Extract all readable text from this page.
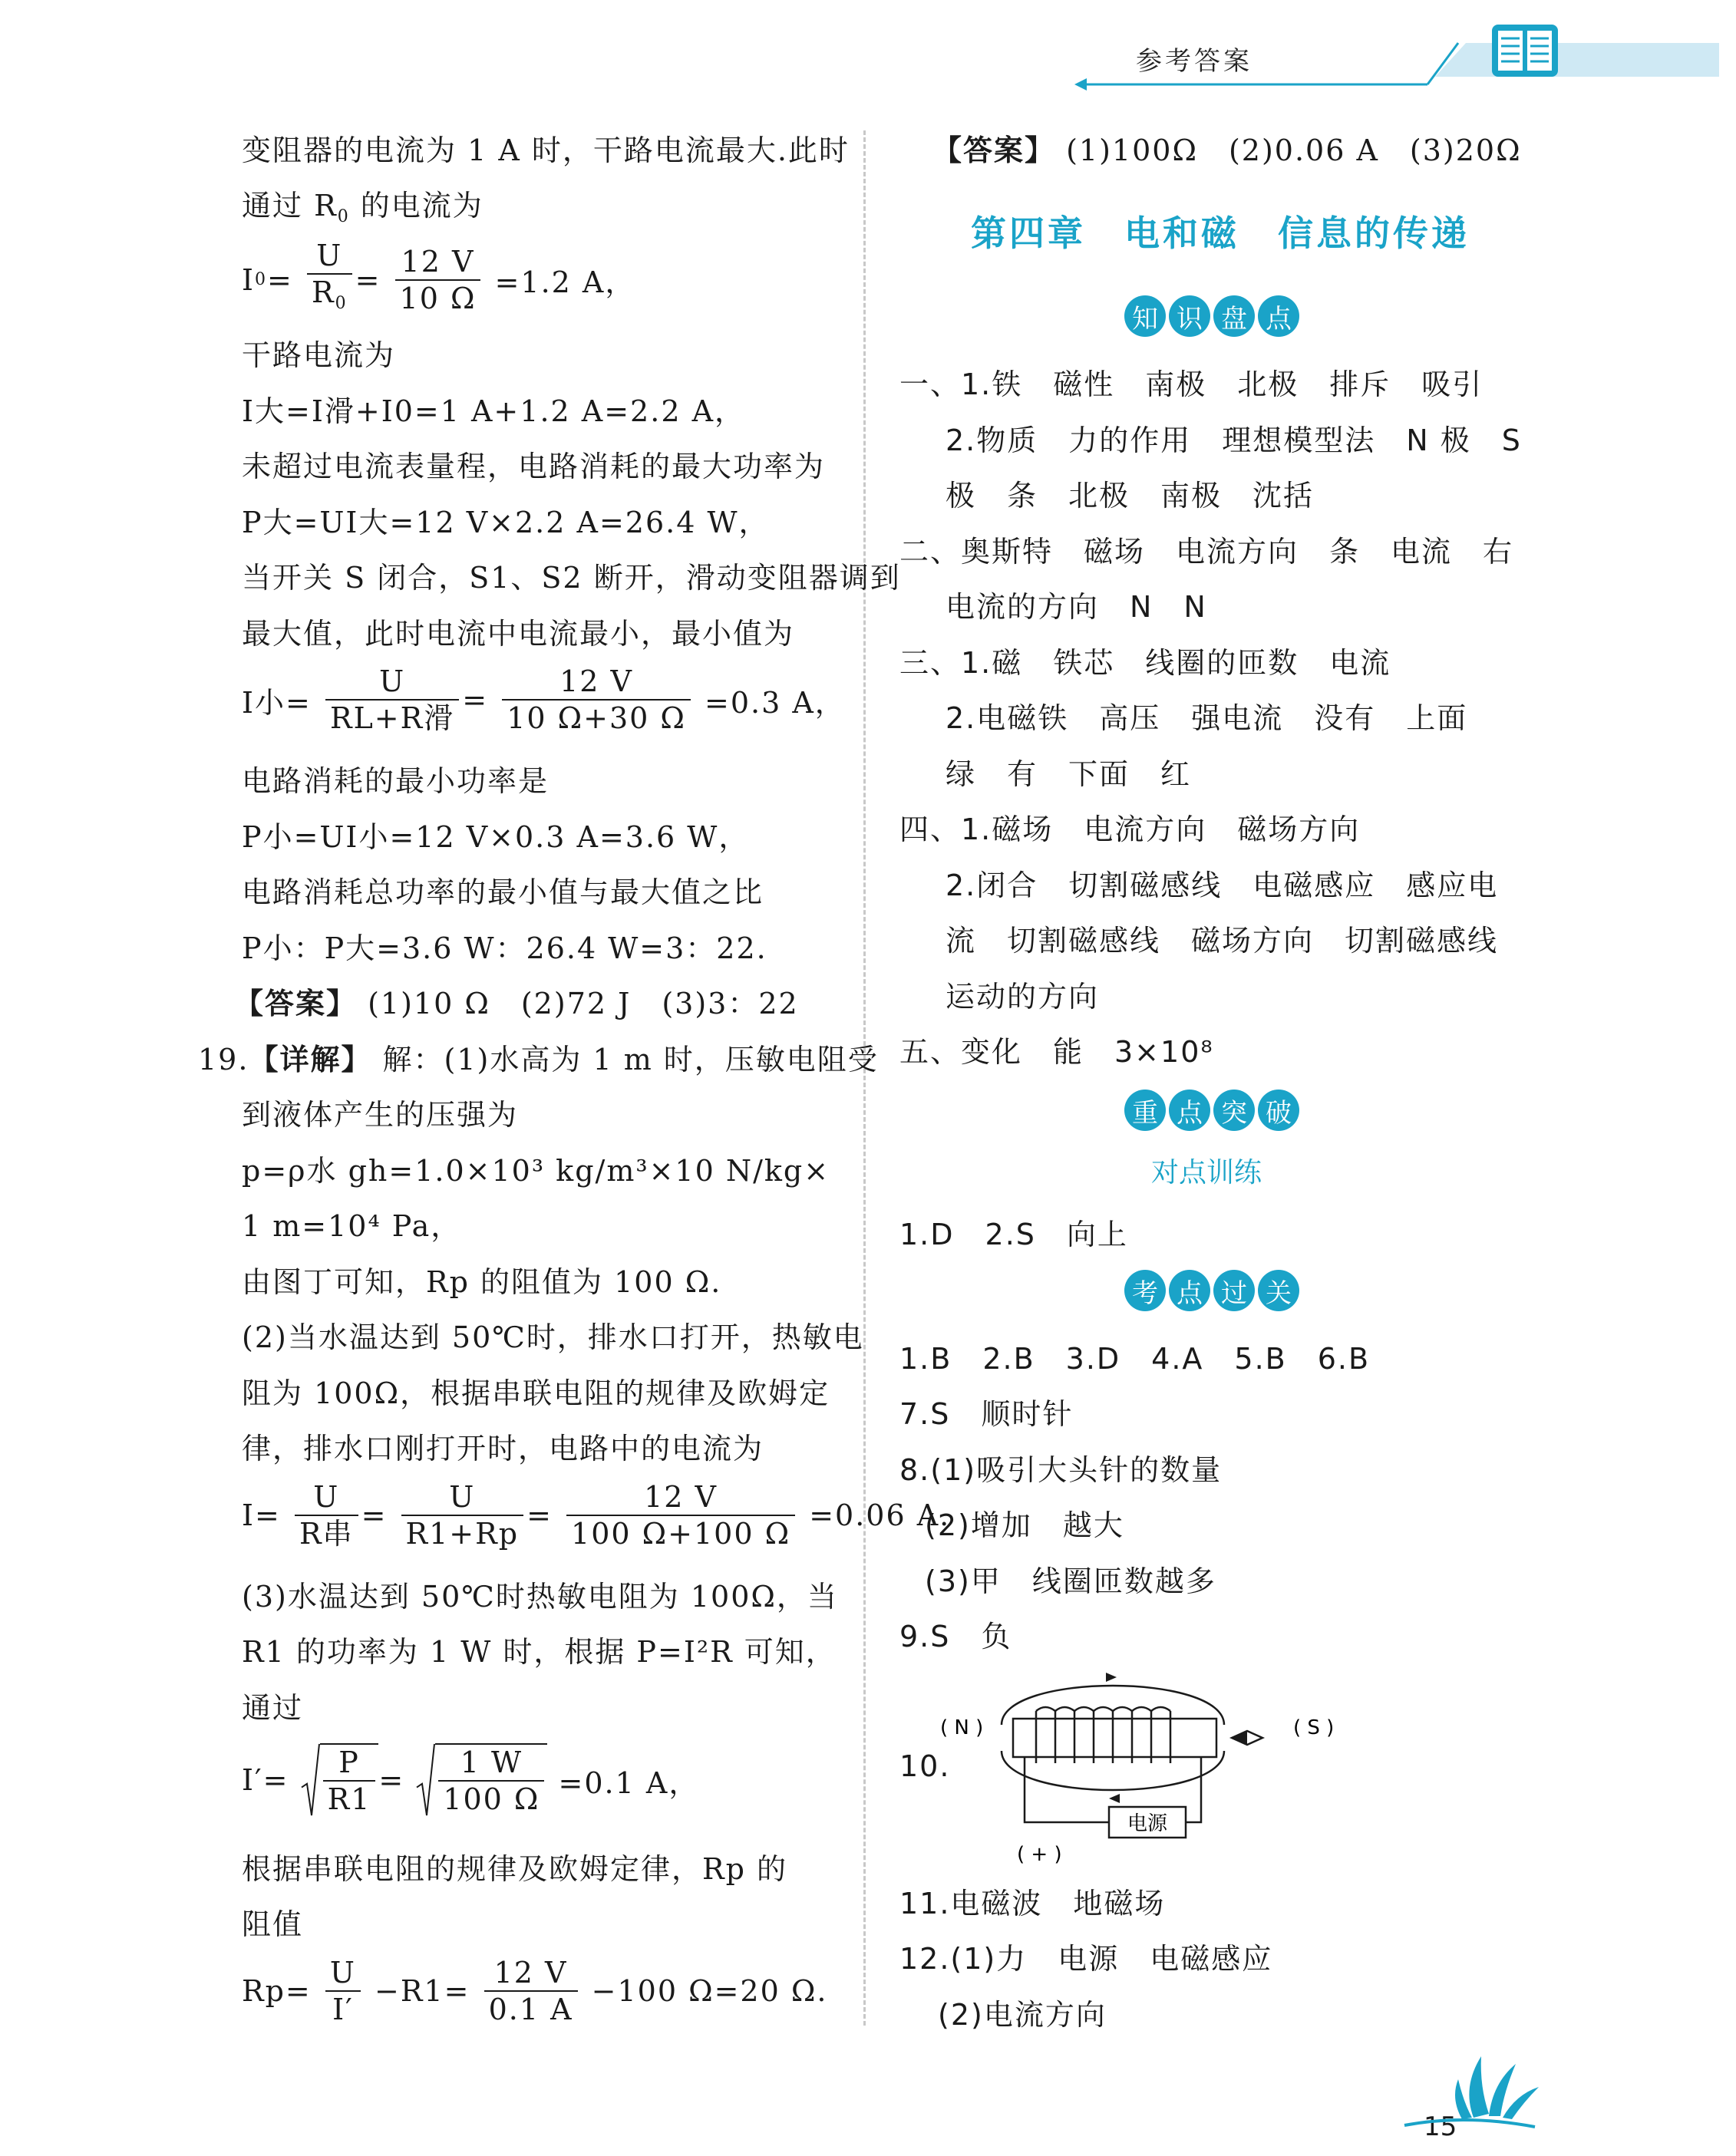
参考答案
变阻器的电流为 1 A 时，干路电流最大.此时
通过 $R_0$ 的电流为
$I0= \frac{U}{R_0} = \frac{12 V}{10 \Omega} =1.2$ A，
干路电流为
I大=I滑+I0=1 A+1.2 A=2.2 A，
未超过电流表量程，电路消耗的最大功率为
P大=UI大=12 V×2.2 A=26.4 W，
当开关 S 闭合，S1、S2 断开，滑动变阻器调到
最大值，此时电流中电流最小，最小值为
I小= $\frac{U}{\text{RL+R滑}} = \frac{12 V}{10 \Omega+30 \Omega} =0.3$ A，
电路消耗的最小功率是
P小=UI小=12 V×0.3 A=3.6 W，
电路消耗总功率的最小值与最大值之比
P小：P大=3.6 W：26.4 W=3：22.
【答案】 (1)10 Ω　(2)72 J　(3)3：22
19.【详解】 解：(1)水高为 1 m 时，压敏电阻受
到液体产生的压强为
p=ρ水 gh=1.0×10³ kg/m³×10 N/kg×
1 m=10⁴ Pa，
由图丁可知，Rp 的阻值为 100 Ω.
(2)当水温达到 50℃时，排水口打开，热敏电
阻为 100Ω，根据串联电阻的规律及欧姆定
律，排水口刚打开时，电路中的电流为
$I= \frac{U}{\text{R串}} = \frac{U}{R1+Rp} = \frac{12 V}{100 \Omega+100 \Omega} =0.06$ A.
(3)水温达到 50℃时热敏电阻为 100Ω，当
R1 的功率为 1 W 时，根据 P=I²R 可知，
通过
$I'= \frac{P}{R1} = \frac{1 W}{100 \Omega} =0.1$ A，
根据串联电阻的规律及欧姆定律，Rp 的
阻值
$Rp= \frac{U}{I'} -R1= \frac{12 V}{0.1 A} -100$ Ω=20 Ω.
【答案】 (1)100Ω　(2)0.06 A　(3)20Ω
第四章　电和磁　信息的传递
知 识 盘 点
一、1.铁　磁性　南极　北极　排斥　吸引
2.物质　力的作用　理想模型法　N 极　S
极　条　北极　南极　沈括
二、奥斯特　磁场　电流方向　条　电流　右
电流的方向　N　N
三、1.磁　铁芯　线圈的匝数　电流
2.电磁铁　高压　强电流　没有　上面
绿　有　下面　红
四、1.磁场　电流方向　磁场方向
2.闭合　切割磁感线　电磁感应　感应电
流　切割磁感线　磁场方向　切割磁感线
运动的方向
五、变化　能　3×10⁸
重 点 突 破
对点训练
1.D　2.S　向上
考 点 过 关
1.B　2.B　3.D　4.A　5.B　6.B
7.S　顺时针
8.(1)吸引大头针的数量
(2)增加　越大
(3)甲　线圈匝数越多
9.S　负
10.
( N )	( S )
电源
( + )
11.电磁波　地磁场
12.(1)力　电源　电磁感应
(2)电流方向
15
